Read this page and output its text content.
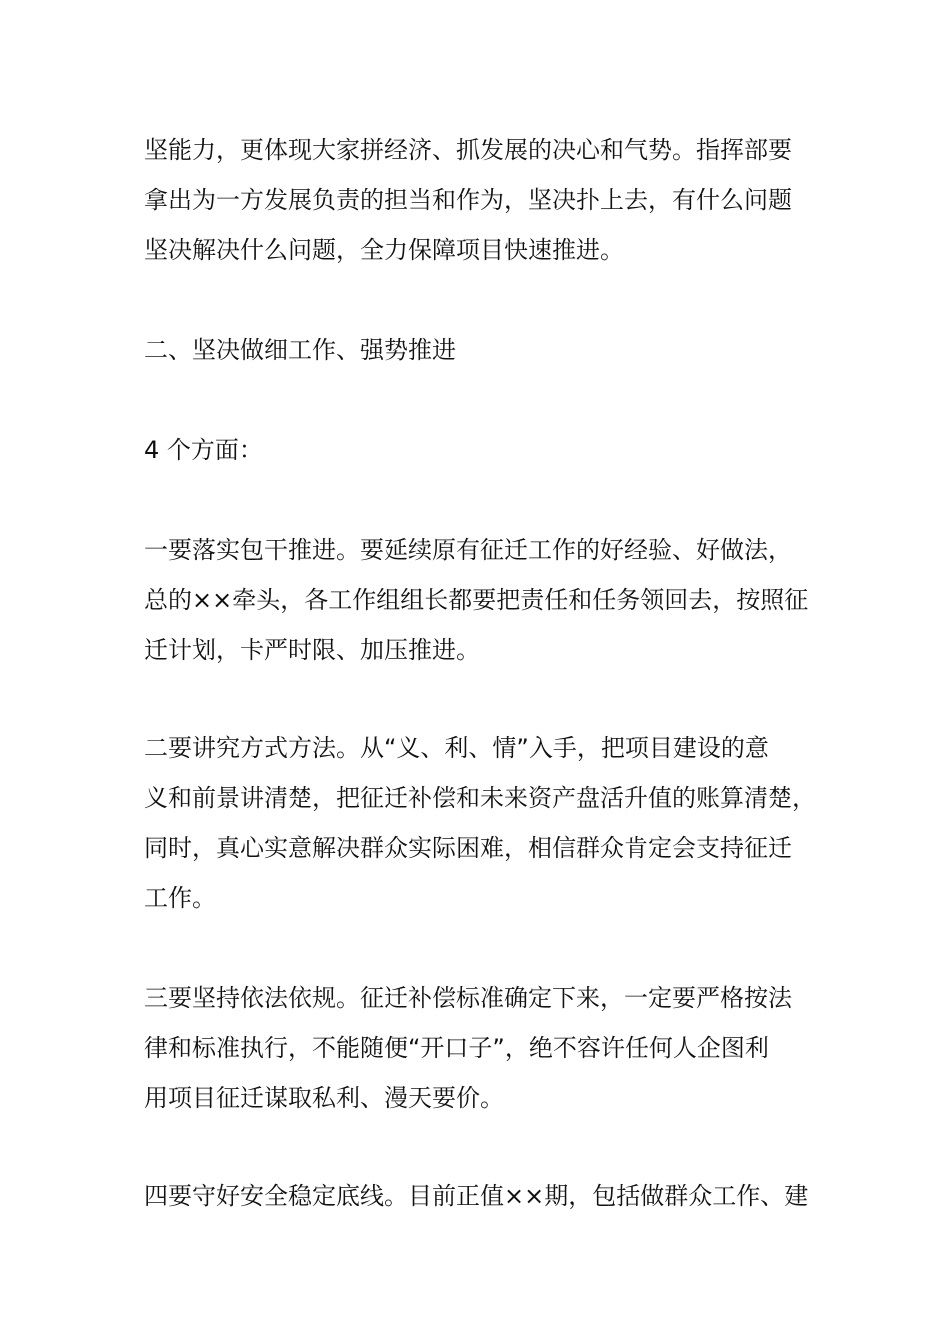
坚能力，更体现大家拼经济、抓发展的决心和气势。指挥部要
拿出为一方发展负责的担当和作为，坚决扑上去，有什么问题
坚决解决什么问题，全力保障项目快速推进。

二、坚决做细工作、强势推进

4 个方面：

一要落实包干推进。要延续原有征迁工作的好经验、好做法，
总的××牵头，各工作组组长都要把责任和任务领回去，按照征
迁计划，卡严时限、加压推进。

二要讲究方式方法。从“义、利、情”入手，把项目建设的意
义和前景讲清楚，把征迁补偿和未来资产盘活升值的账算清楚，
同时，真心实意解决群众实际困难，相信群众肯定会支持征迁
工作。

三要坚持依法依规。征迁补偿标准确定下来，一定要严格按法
律和标准执行，不能随便“开口子”，绝不容许任何人企图利
用项目征迁谋取私利、漫天要价。

四要守好安全稳定底线。目前正值××期，包括做群众工作、建
